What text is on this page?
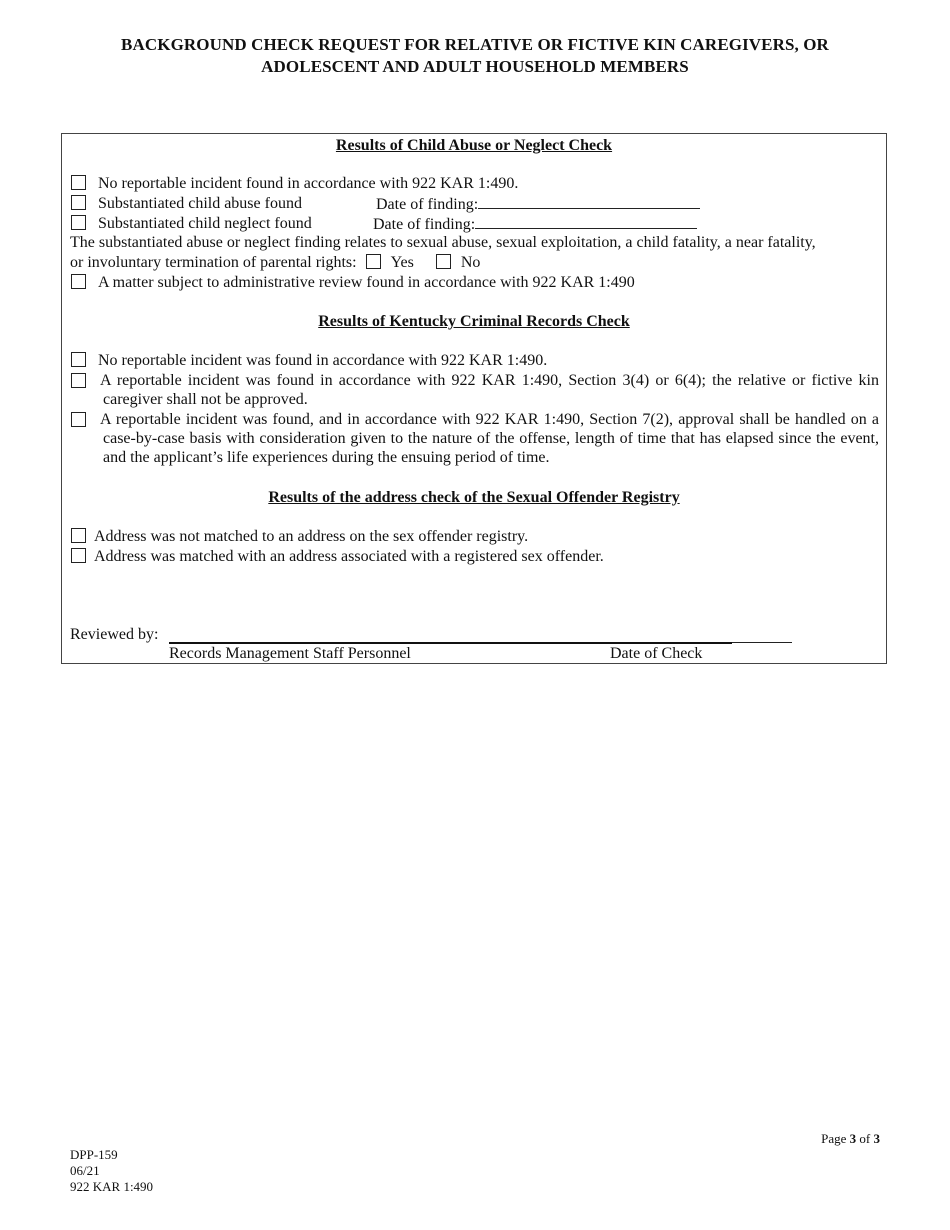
BACKGROUND CHECK REQUEST FOR RELATIVE OR FICTIVE KIN CAREGIVERS, OR
ADOLESCENT AND ADULT HOUSEHOLD MEMBERS
Results of Child Abuse or Neglect Check
No reportable incident found in accordance with 922 KAR 1:490.
Substantiated child abuse found	Date of finding:
Substantiated child neglect found	Date of finding:
The substantiated abuse or neglect finding relates to sexual abuse, sexual exploitation, a child fatality, a near fatality,
or involuntary termination of parental rights: Yes	No
A matter subject to administrative review found in accordance with 922 KAR 1:490
Results of Kentucky Criminal Records Check
No reportable incident was found in accordance with 922 KAR 1:490.
A reportable incident was found in accordance with 922 KAR 1:490, Section 3(4) or 6(4); the relative or fictive kin caregiver shall not be approved.
A reportable incident was found, and in accordance with 922 KAR 1:490, Section 7(2), approval shall be handled on a case-by-case basis with consideration given to the nature of the offense, length of time that has elapsed since the event, and the applicant’s life experiences during the ensuing period of time.
Results of the address check of the Sexual Offender Registry
Address was not matched to an address on the sex offender registry.
Address was matched with an address associated with a registered sex offender.
Reviewed by:
Records Management Staff Personnel	Date of Check
Page 3 of 3
DPP-159
06/21
922 KAR 1:490
